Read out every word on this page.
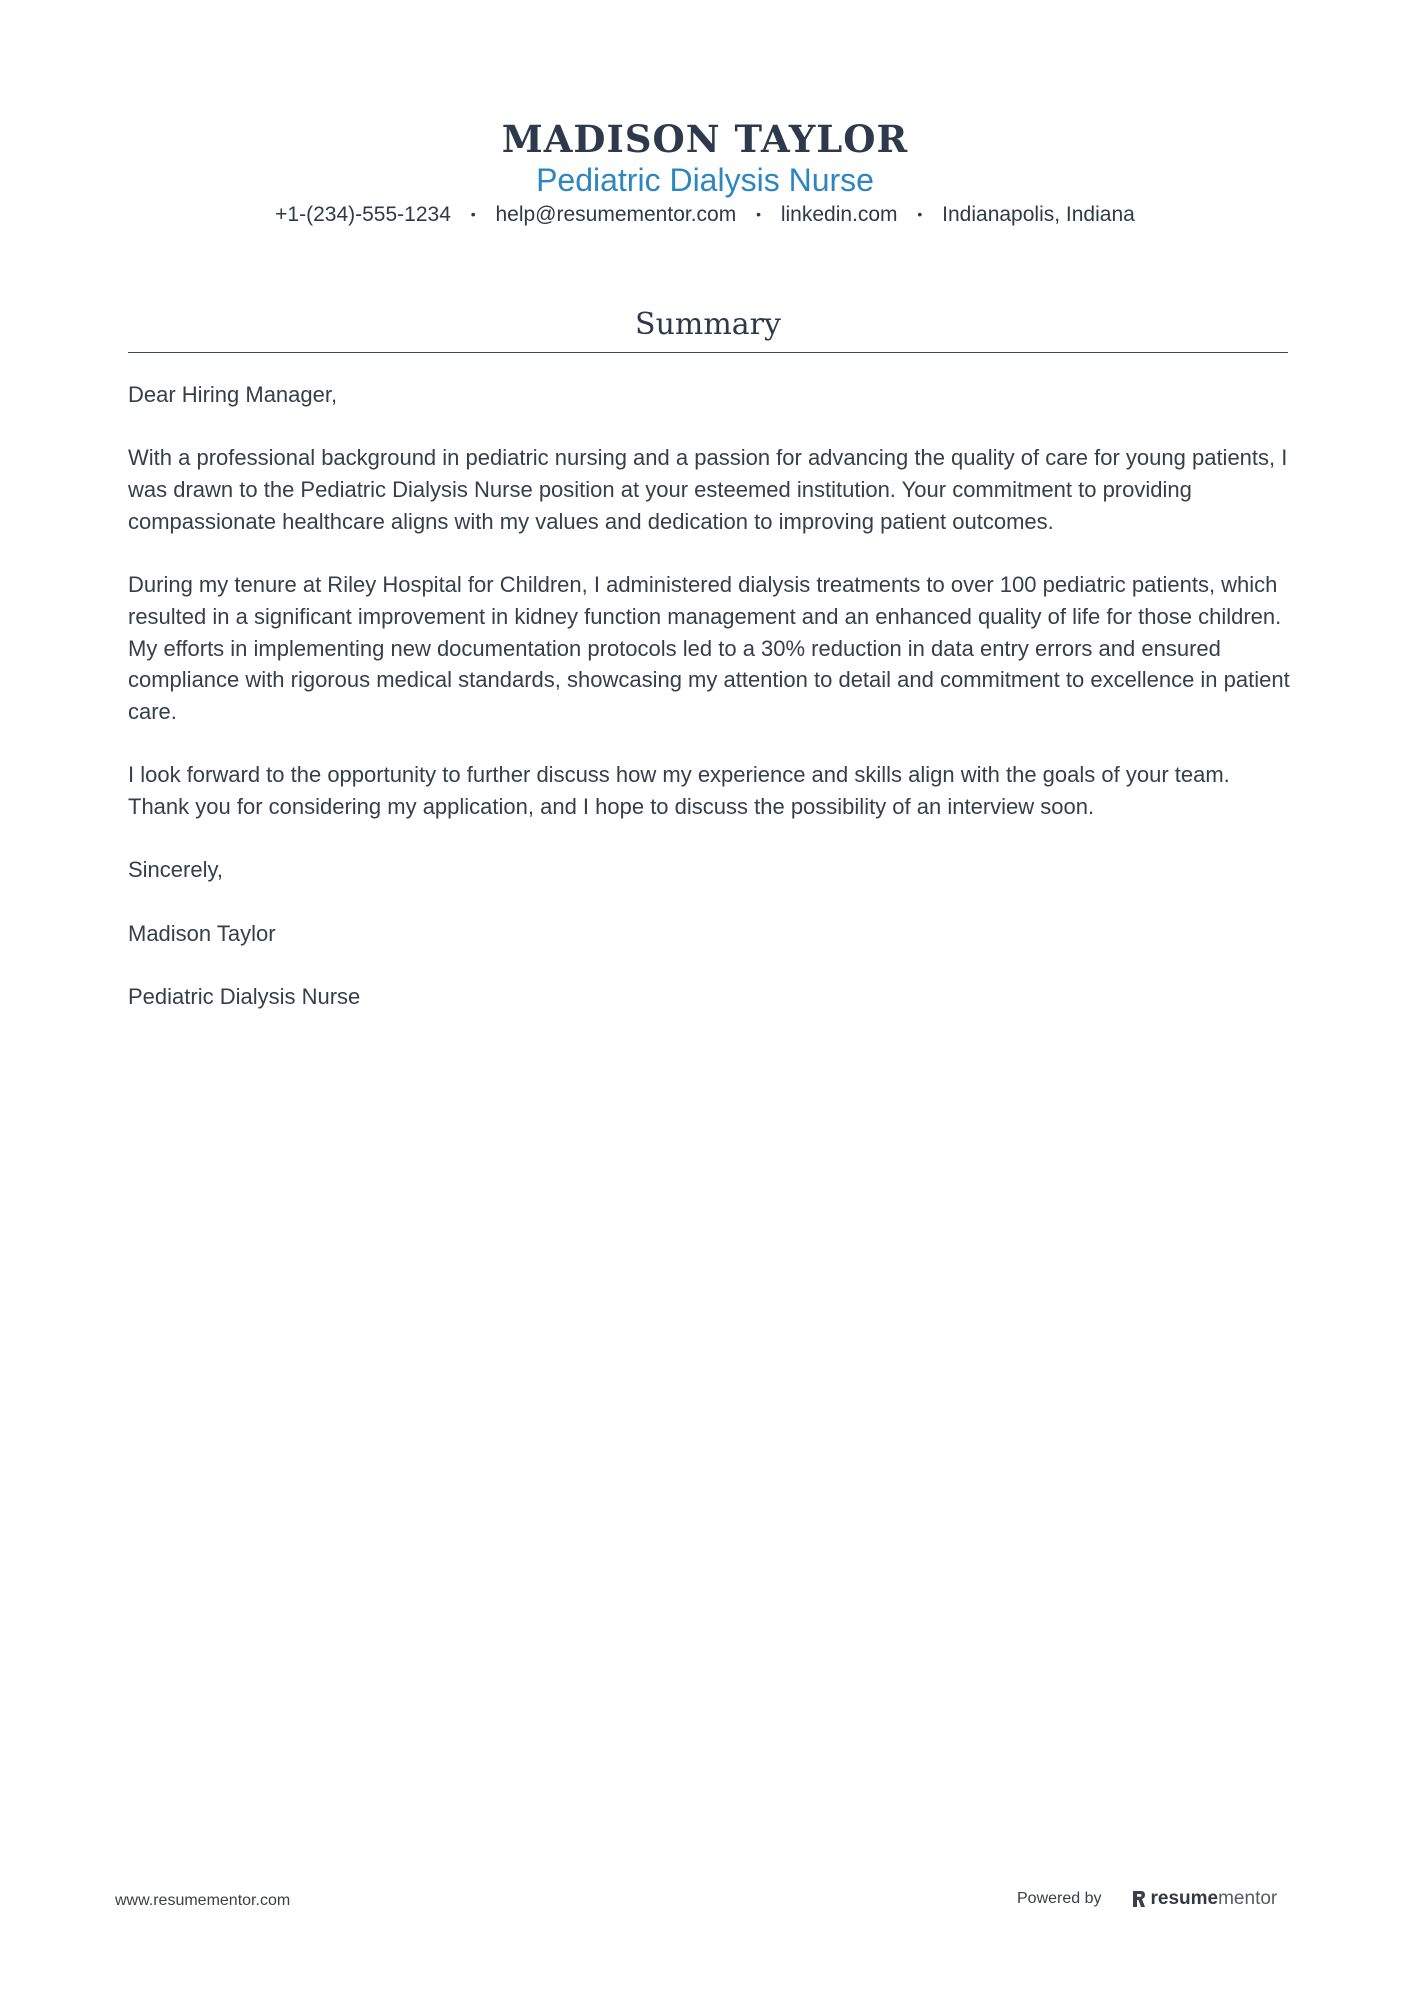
MADISON TAYLOR
Pediatric Dialysis Nurse
+1-(234)-555-1234 • help@resumementor.com • linkedin.com • Indianapolis, Indiana
Summary

Dear Hiring Manager,

With a professional background in pediatric nursing and a passion for advancing the quality of care for young patients, I was drawn to the Pediatric Dialysis Nurse position at your esteemed institution. Your commitment to providing compassionate healthcare aligns with my values and dedication to improving patient outcomes.

During my tenure at Riley Hospital for Children, I administered dialysis treatments to over 100 pediatric patients, which resulted in a significant improvement in kidney function management and an enhanced quality of life for those children. My efforts in implementing new documentation protocols led to a 30% reduction in data entry errors and ensured compliance with rigorous medical standards, showcasing my attention to detail and commitment to excellence in patient care.

I look forward to the opportunity to further discuss how my experience and skills align with the goals of your team. Thank you for considering my application, and I hope to discuss the possibility of an interview soon.

Sincerely,

Madison Taylor

Pediatric Dialysis Nurse

www.resumementor.com	Powered by	resume mentor
